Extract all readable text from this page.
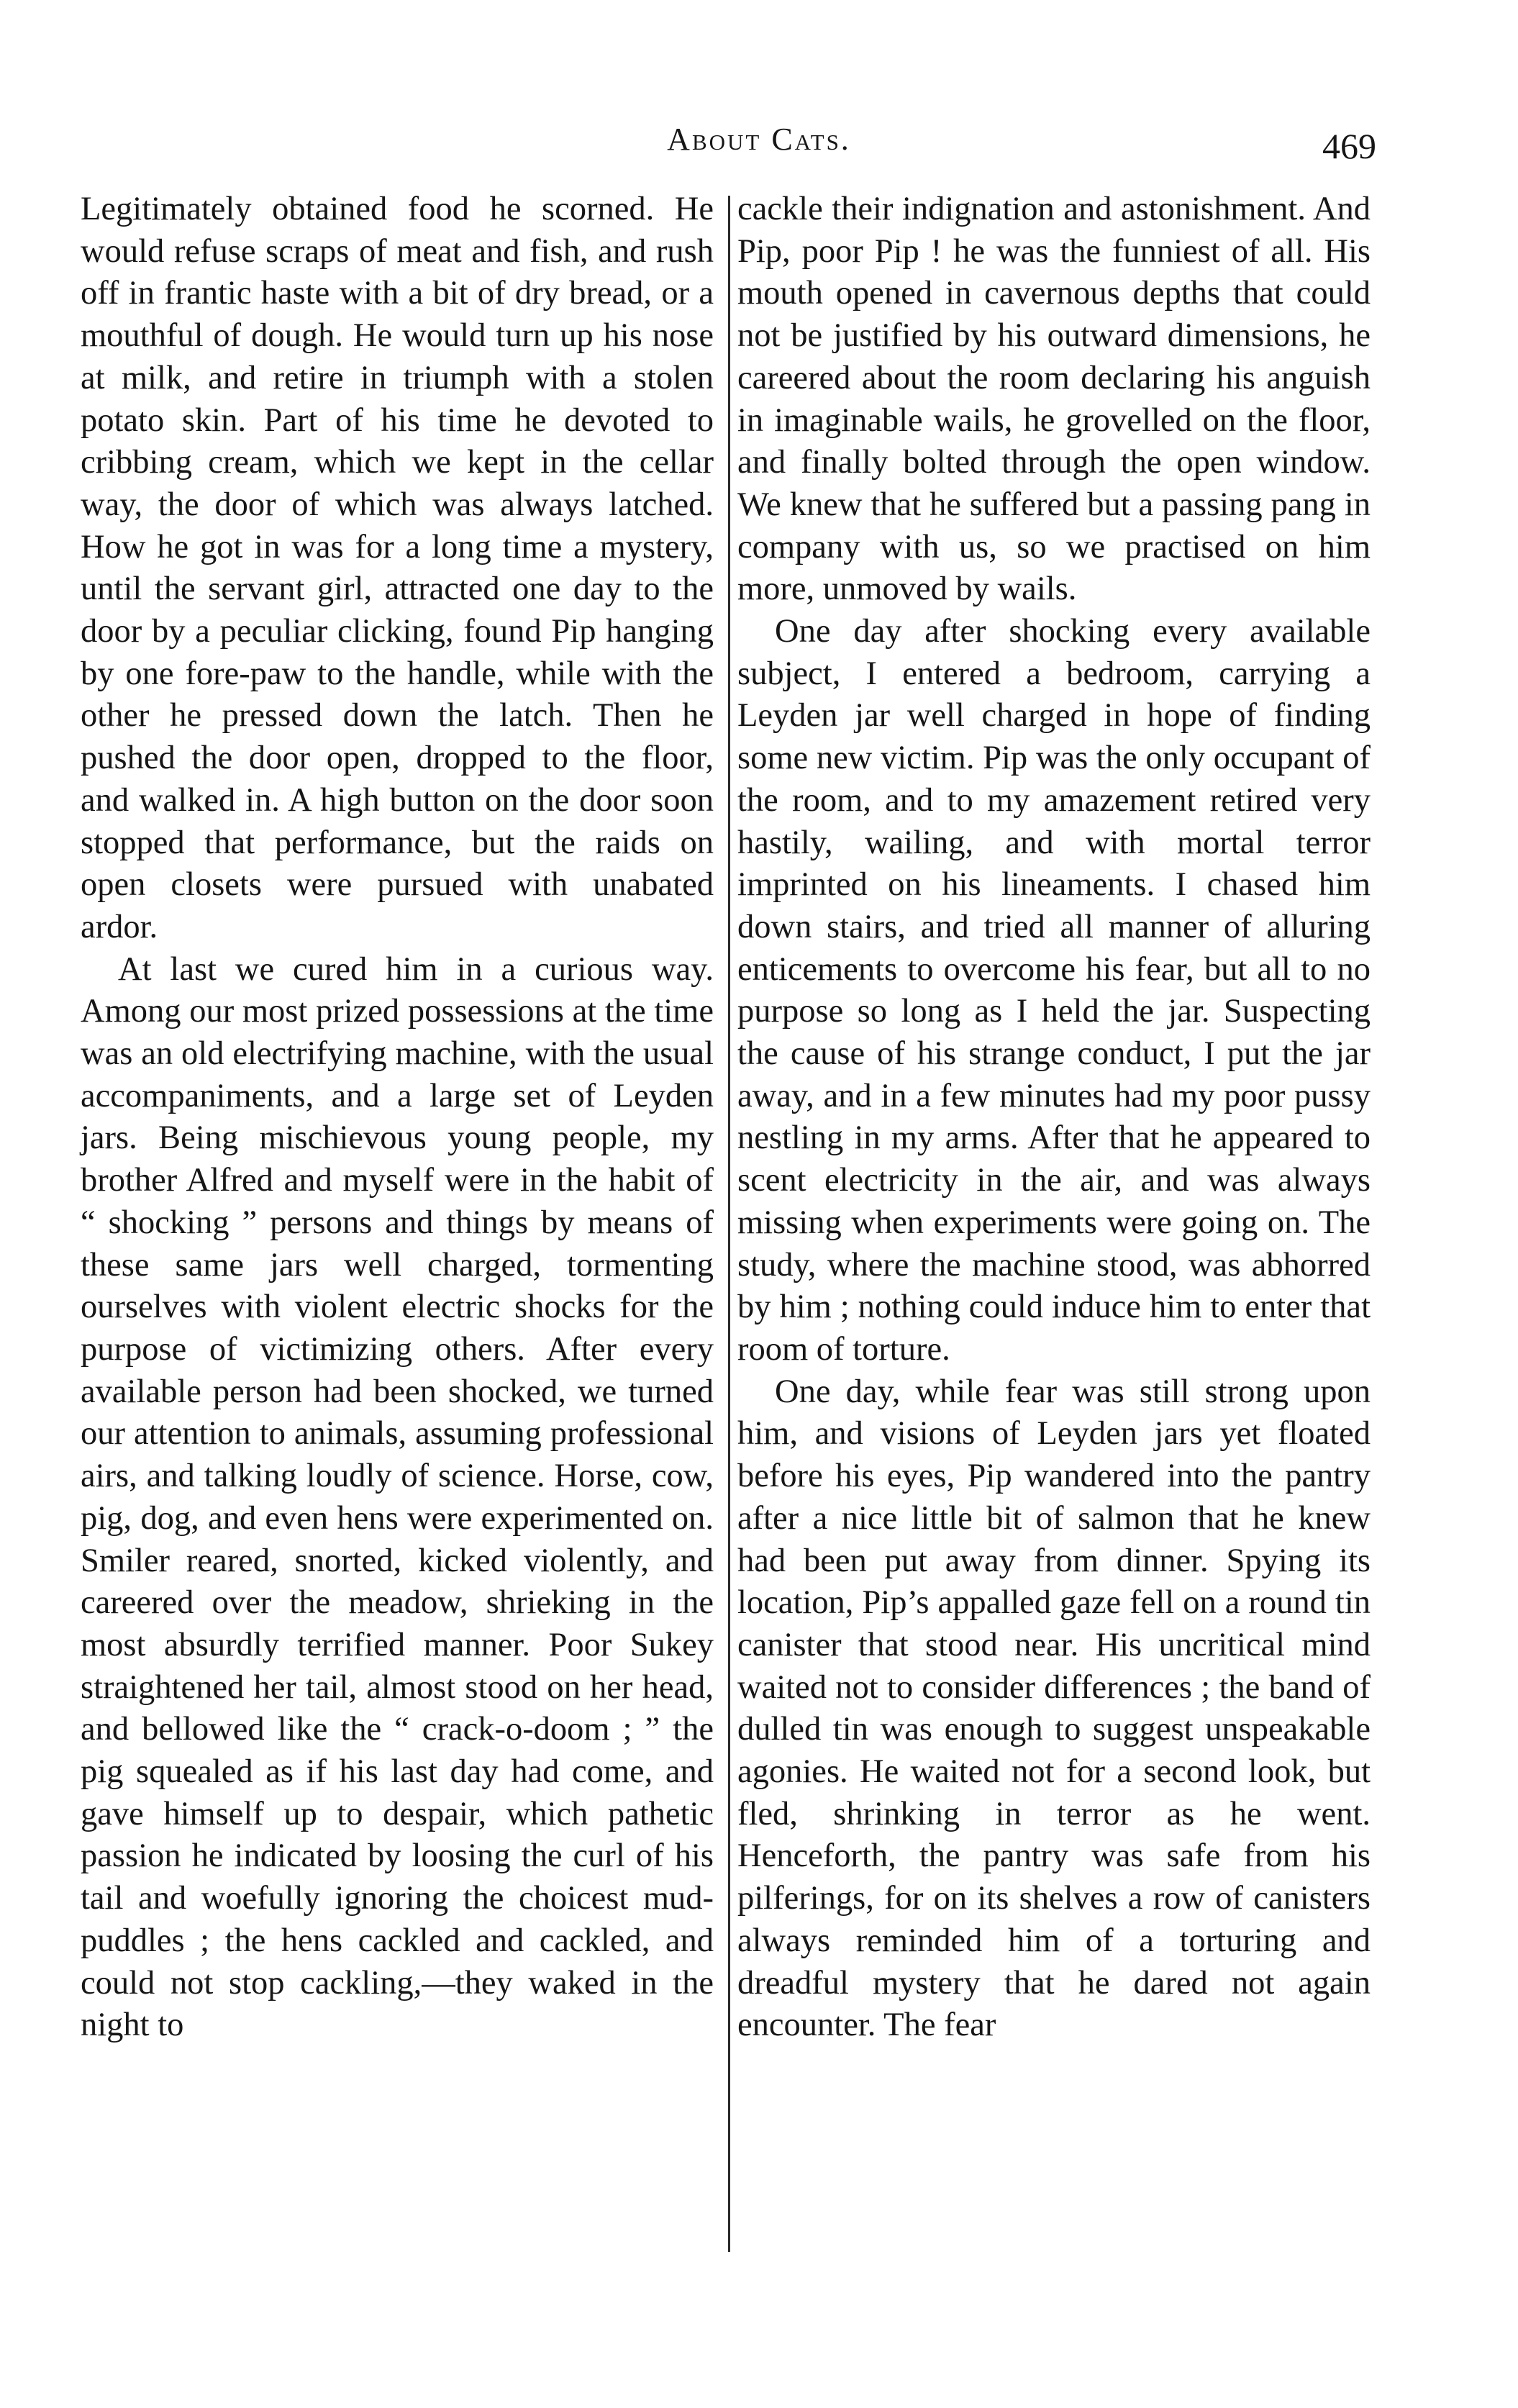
About Cats.	469

Legitimately obtained food he scorned. He would refuse scraps of meat and fish, and rush off in frantic haste with a bit of dry bread, or a mouthful of dough. He would turn up his nose at milk, and retire in triumph with a stolen potato skin. Part of his time he devoted to cribbing cream, which we kept in the cellar way, the door of which was always latched. How he got in was for a long time a mystery, until the servant girl, attracted one day to the door by a peculiar clicking, found Pip hanging by one fore-paw to the handle, while with the other he pressed down the latch. Then he pushed the door open, dropped to the floor, and walked in. A high button on the door soon stopped that performance, but the raids on open closets were pursued with unabated ardor.

At last we cured him in a curious way. Among our most prized possessions at the time was an old electrifying machine, with the usual accompaniments, and a large set of Leyden jars. Being mischievous young people, my brother Alfred and myself were in the habit of “ shocking ” persons and things by means of these same jars well charged, tormenting ourselves with violent electric shocks for the purpose of victimizing others. After every available person had been shocked, we turned our attention to animals, assuming professional airs, and talking loudly of science. Horse, cow, pig, dog, and even hens were experimented on. Smiler reared, snorted, kicked violently, and careered over the meadow, shrieking in the most absurdly terrified manner. Poor Sukey straightened her tail, almost stood on her head, and bellowed like the “ crack-o-doom ; ” the pig squealed as if his last day had come, and gave himself up to despair, which pathetic passion he indicated by loosing the curl of his tail and woefully ignoring the choicest mud-puddles ; the hens cackled and cackled, and could not stop cackling,—they waked in the night to

cackle their indignation and astonishment. And Pip, poor Pip ! he was the funniest of all. His mouth opened in cavernous depths that could not be justified by his outward dimensions, he careered about the room declaring his anguish in imaginable wails, he grovelled on the floor, and finally bolted through the open window. We knew that he suffered but a passing pang in company with us, so we practised on him more, unmoved by wails.

One day after shocking every available subject, I entered a bedroom, carrying a Leyden jar well charged in hope of finding some new victim. Pip was the only occupant of the room, and to my amazement retired very hastily, wailing, and with mortal terror imprinted on his lineaments. I chased him down stairs, and tried all manner of alluring enticements to overcome his fear, but all to no purpose so long as I held the jar. Suspecting the cause of his strange conduct, I put the jar away, and in a few minutes had my poor pussy nestling in my arms. After that he appeared to scent electricity in the air, and was always missing when experiments were going on. The study, where the machine stood, was abhorred by him ; nothing could induce him to enter that room of torture.

One day, while fear was still strong upon him, and visions of Leyden jars yet floated before his eyes, Pip wandered into the pantry after a nice little bit of salmon that he knew had been put away from dinner. Spying its location, Pip’s appalled gaze fell on a round tin canister that stood near. His uncritical mind waited not to consider differences ; the band of dulled tin was enough to suggest unspeakable agonies. He waited not for a second look, but fled, shrinking in terror as he went. Henceforth, the pantry was safe from his pilferings, for on its shelves a row of canisters always reminded him of a torturing and dreadful mystery that he dared not again encounter. The fear
